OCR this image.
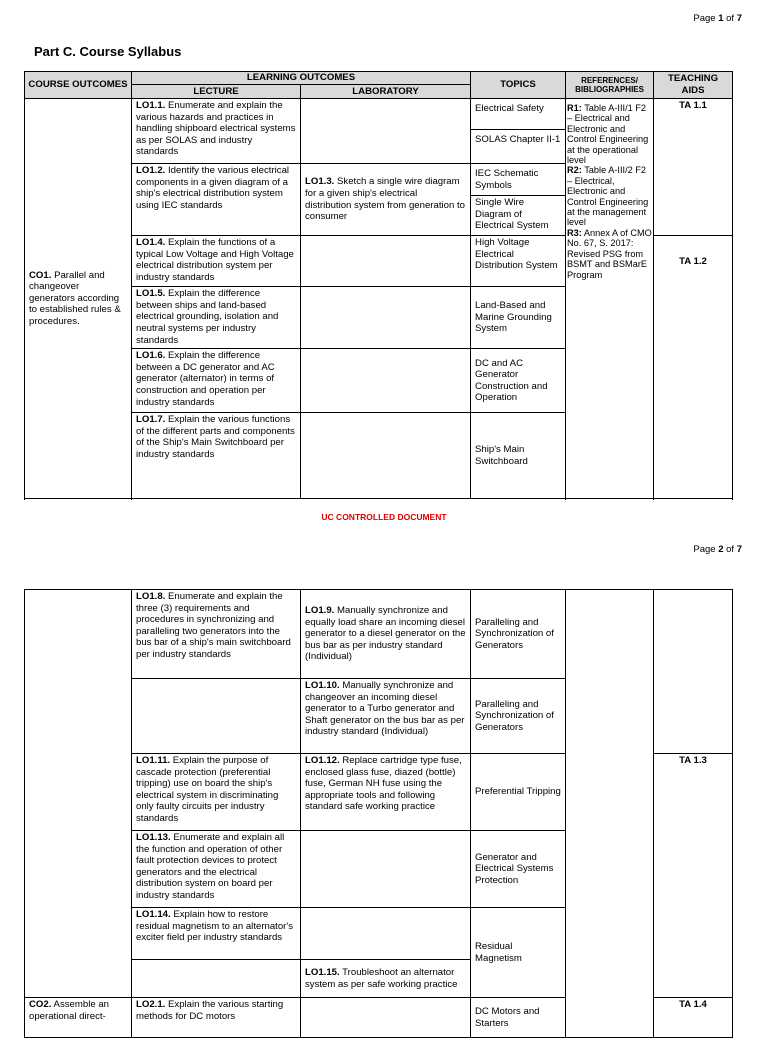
Page 1 of 7
Part C. Course Syllabus
COURSE OUTCOMES	LEARNING OUTCOMES		TOPICS	REFERENCES/ BIBLIOGRAPHIES	TEACHING AIDS
	LECTURE	LABORATORY			
CO1. Parallel and changeover generators according to established rules & procedures.	LO1.1. Enumerate and explain the various hazards and practices in handling shipboard electrical systems as per SOLAS and industry standards		Electrical Safety	R1: Table A-III/1 F2 – Electrical and Electronic and Control Engineering at the operational level
R2: Table A-III/2 F2 – Electrical, Electronic and Control Engineering at the management level
R3: Annex A of CMO No. 67, S. 2017: Revised PSG from BSMT and BSMarE Program	TA 1.1
			SOLAS Chapter II-1		
	LO1.2. Identify the various electrical components in a given diagram of a ship's electrical distribution system using IEC standards	LO1.3. Sketch a single wire diagram for a given ship's electrical distribution system from generation to consumer	IEC Schematic Symbols		
			Single Wire Diagram of Electrical System		
	LO1.4. Explain the functions of a typical Low Voltage and High Voltage electrical distribution system per industry standards		High Voltage Electrical Distribution System		TA 1.2
	LO1.5. Explain the difference between ships and land-based electrical grounding, isolation and neutral systems per industry standards		Land-Based and Marine Grounding System		
	LO1.6. Explain the difference between a DC generator and AC generator (alternator) in terms of construction and operation per industry standards		DC and AC Generator Construction and Operation		
	LO1.7. Explain the various functions of the different parts and components of the Ship's Main Switchboard per industry standards		Ship's Main Switchboard		

UC CONTROLLED DOCUMENT
Page 2 of 7
	LO1.8. Enumerate and explain the three (3) requirements and procedures in synchronizing and paralleling two generators into the bus bar of a ship's main switchboard per industry standards	LO1.9. Manually synchronize and equally load share an incoming diesel generator to a diesel generator on the bus bar as per industry standard (Individual)	Paralleling and Synchronization of Generators		
		LO1.10. Manually synchronize and changeover an incoming diesel generator to a Turbo generator and Shaft generator on the bus bar as per industry standard (Individual)	Paralleling and Synchronization of Generators		
	LO1.11. Explain the purpose of cascade protection (preferential tripping) use on board the ship's electrical system in discriminating only faulty circuits per industry standards	LO1.12. Replace cartridge type fuse, enclosed glass fuse, diazed (bottle) fuse, German NH fuse using the appropriate tools and following standard safe working practice	Preferential Tripping		TA 1.3
	LO1.13. Enumerate and explain all the function and operation of other fault protection devices to protect generators and the electrical distribution system on board per industry standards		Generator and Electrical Systems Protection		
	LO1.14. Explain how to restore residual magnetism to an alternator's exciter field per industry standards		Residual Magnetism		
		LO1.15. Troubleshoot an alternator system as per safe working practice			
CO2. Assemble an operational direct-	LO2.1. Explain the various starting methods for DC motors		DC Motors and Starters		TA 1.4
